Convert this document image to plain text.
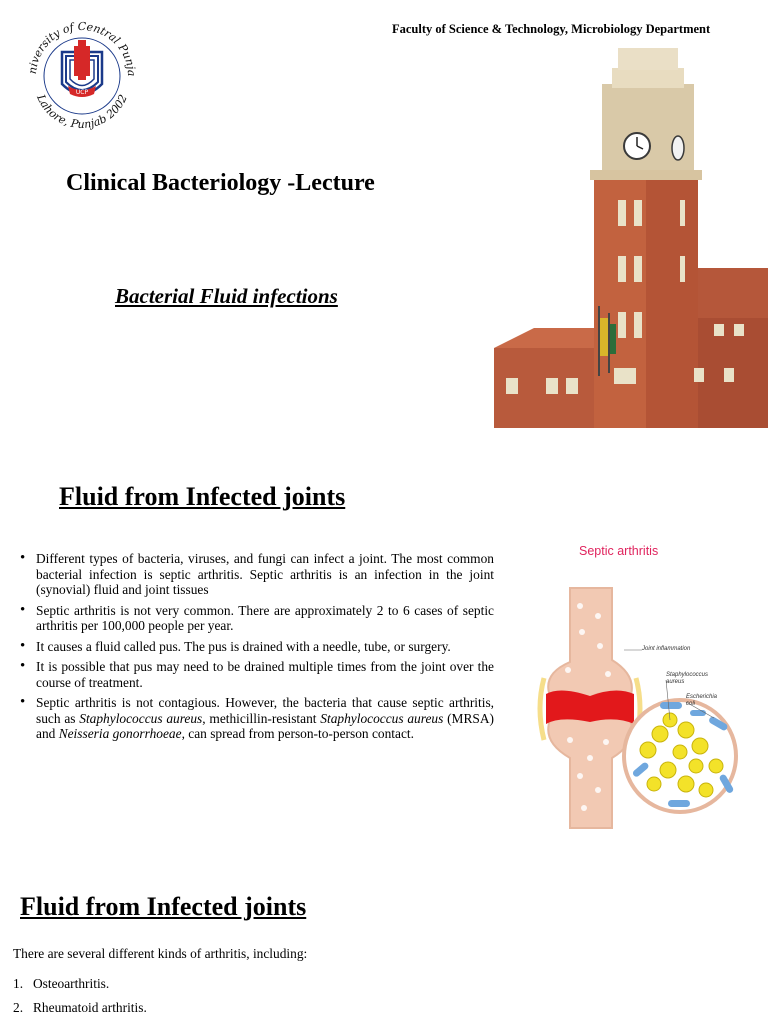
niversity of Central Punja
Lahore, Punjab 2002
UCP
Faculty of Science & Technology, Microbiology Department
Clinical Bacteriology -Lecture
Bacterial Fluid infections
Fluid from Infected joints
• Different types of bacteria, viruses, and fungi can infect a joint. The most common bacterial infection is septic arthritis. Septic arthritis is an infection in the joint (synovial) fluid and joint tissues
• Septic arthritis is not very common. There are approximately 2 to 6 cases of septic arthritis per 100,000 people per year.
• It causes a fluid called pus. The pus is drained with a needle, tube, or surgery.
• It is possible that pus may need to be drained multiple times from the joint over the course of treatment.
• Septic arthritis is not contagious. However, the bacteria that cause septic arthritis, such as Staphylococcus aureus, methicillin-resistant Staphylococcus aureus (MRSA) and Neisseria gonorrhoeae, can spread from person-to-person contact.
Septic arthritis
Joint inflammation
Staphylococcus
aureus
Escherichia
coli
Fluid from Infected joints
There are several different kinds of arthritis, including:
1. Osteoarthritis.
2. Rheumatoid arthritis.
